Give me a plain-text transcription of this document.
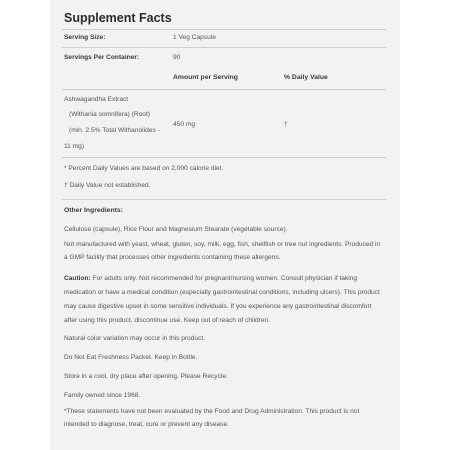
Supplement Facts
Serving Size:	1 Veg Capsule
Servings Per Container:	90
Amount per Serving	% Daily Value
Ashwagandha Extract
(Withania somnifera) (Root)
(min. 2.5% Total Withanolides -
11 mg)
450 mg	†
* Percent Daily Values are based on 2,000 calorie diet.
† Daily Value not established.
Other Ingredients:
Cellulose (capsule), Rice Flour and Magnesium Stearate (vegetable source).
Not manufactured with yeast, wheat, gluten, soy, milk, egg, fish, shellfish or tree nut ingredients. Produced in
a GMP facility that processes other ingredients containing these allergens.
Caution: For adults only. Not recommended for pregnant/nursing women. Consult physician if taking
medication or have a medical condition (especially gastrointestinal conditions, including ulcers). This product
may cause digestive upset in some sensitive individuals. If you experience any gastrointestinal discomfort
after using this product, discontinue use. Keep out of reach of children.
Natural color variation may occur in this product.
Do Not Eat Freshness Packet. Keep in Bottle.
Store in a cool, dry place after opening. Please Recycle.
Family owned since 1968.
*These statements have not been evaluated by the Food and Drug Administration. This product is not
intended to diagnose, treat, cure or prevent any disease.
